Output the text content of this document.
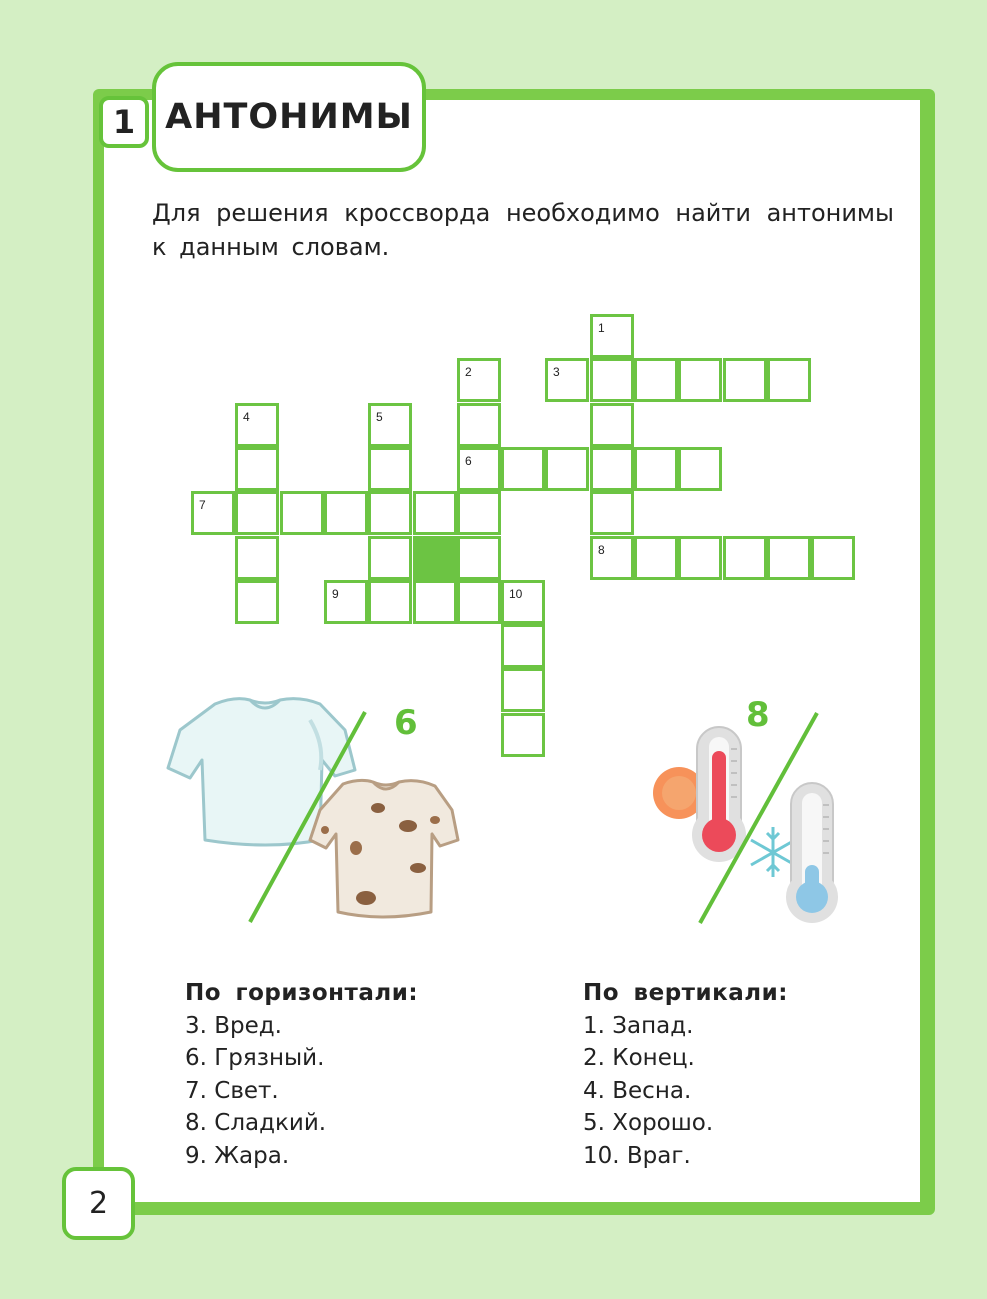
1 АНТОНИМЫ
Для решения кроссворда необходимо найти антонимы
к данным словам.
1
2	3
4	5
6
7
8
9	10
6	8
По горизонтали:
3. Вред.
6. Грязный.
7. Свет.
8. Сладкий.
9. Жара.
По вертикали:
1. Запад.
2. Конец.
4. Весна.
5. Хорошо.
10. Враг.
2
